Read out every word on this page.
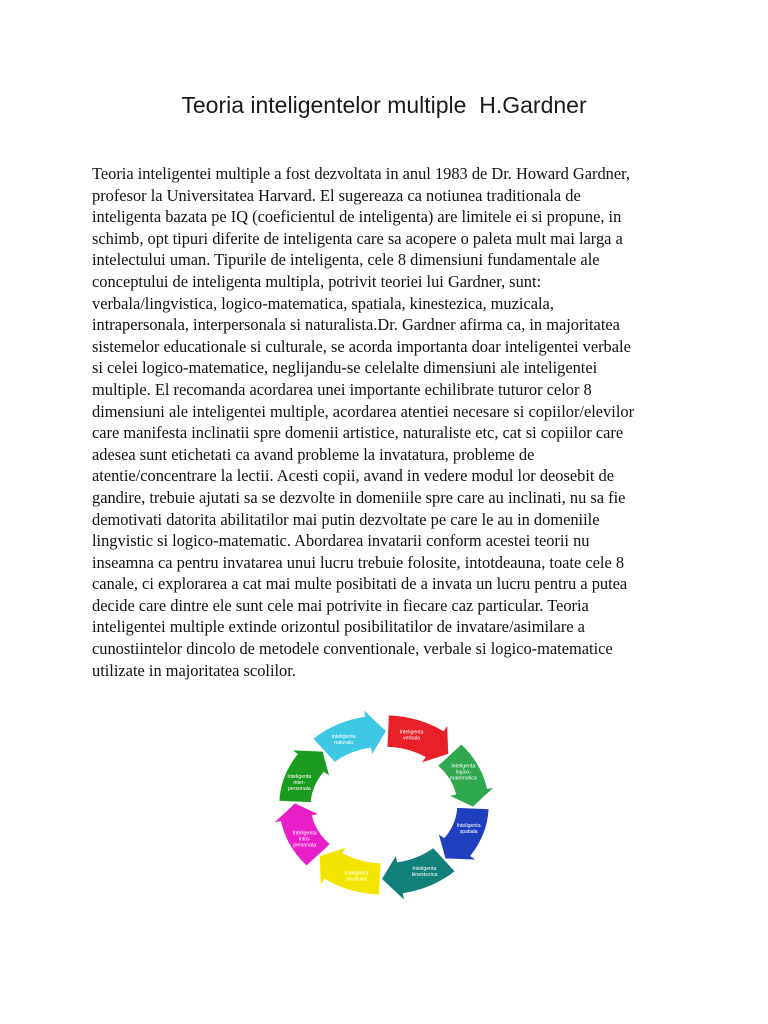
Teoria inteligentelor multiple  H.Gardner
Teoria inteligentei multiple a fost dezvoltata in anul 1983 de Dr. Howard Gardner,
profesor la Universitatea Harvard. El sugereaza ca notiunea traditionala de
inteligenta bazata pe IQ (coeficientul de inteligenta) are limitele ei si propune, in
schimb, opt tipuri diferite de inteligenta care sa acopere o paleta mult mai larga a
intelectului uman. Tipurile de inteligenta, cele 8 dimensiuni fundamentale ale
conceptului de inteligenta multipla, potrivit teoriei lui Gardner, sunt:
verbala/lingvistica, logico-matematica, spatiala, kinestezica, muzicala,
intrapersonala, interpersonala si naturalista.Dr. Gardner afirma ca, in majoritatea
sistemelor educationale si culturale, se acorda importanta doar inteligentei verbale
si celei logico-matematice, neglijandu-se celelalte dimensiuni ale inteligentei
multiple. El recomanda acordarea unei importante echilibrate tuturor celor 8
dimensiuni ale inteligentei multiple, acordarea atentiei necesare si copiilor/elevilor
care manifesta inclinatii spre domenii artistice, naturaliste etc, cat si copiilor care
adesea sunt etichetati ca avand probleme la invatatura, probleme de
atentie/concentrare la lectii. Acesti copii, avand in vedere modul lor deosebit de
gandire, trebuie ajutati sa se dezvolte in domeniile spre care au inclinati, nu sa fie
demotivati datorita abilitatilor mai putin dezvoltate pe care le au in domeniile
lingvistic si logico-matematic. Abordarea invatarii conform acestei teorii nu
inseamna ca pentru invatarea unui lucru trebuie folosite, intotdeauna, toate cele 8
canale, ci explorarea a cat mai multe posibitati de a invata un lucru pentru a putea
decide care dintre ele sunt cele mai potrivite in fiecare caz particular. Teoria
inteligentei multiple extinde orizontul posibilitatilor de invatare/asimilare a
cunostiintelor dincolo de metodele conventionale, verbale si logico-matematice
utilizate in majoritatea scolilor.
Inteligenta verbala
Inteligenta logico-matematica
Inteligenta spatiala
Inteligenta kinestezica
Inteligenta muzicala
Inteligenta intra-personala
Inteligenta inter-personala
Inteligenta naturala
